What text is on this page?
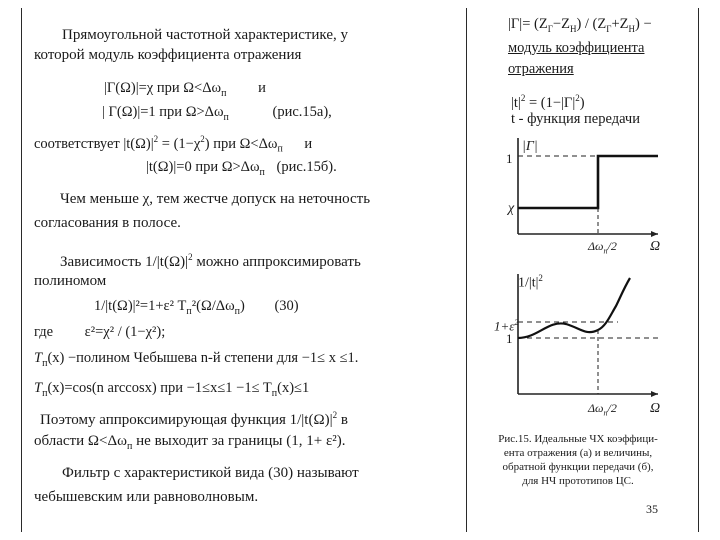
Прямоугольной частотной характеристике, у
которой модуль коэффициента отражения
|Г(Ω)|=χ при $\Omega<\Delta\omega_п$ и
| Г(Ω)|=1 при $\Omega>\Delta\omega_п$	(рис.15а),
соответствует $|t(\Omega)|^2 = (1-\chi^2)$ при $\Omega<\Delta\omega_п$ и
|t(Ω)|=0 при $\Omega>\Delta\omega_п$ (рис.15б).
Чем меньше χ, тем жестче допуск на неточность
согласования в полосе.
Зависимость $1/|t(\Omega)|^2$ можно аппроксимировать
полиномом
1/|t(Ω)|²=1+ε² $T_п^2(\Omega/\Delta\omega_п)$ (30)
где ε²=χ² / (1−χ²);
$T_п(x)$ −полином Чебышева n-й степени для −1≤ x ≤1.
$T_п(x)=\cos(n$ arccosx) при $-1\le x\le 1 -1\le T_п(x)\le 1$
Поэтому аппроксимирующая функция $1/|t(\Omega)|^2$ в
области $\Omega<\Delta\omega_п$ не выходит за границы (1, 1+ ε²).
Фильтр с характеристикой вида (30) называют
чебышевским или равноволновым.
$|Г|= (Z_Г-Z_Н) / (Z_Г+Z_Н)$ −
модуль коэффициента
отражения
$|t|^2 = (1-|Г|^2)$
t - функция передачи
1
|Г|
χ
$\Delta\omega_п/2$ Ω
$1/|t|^2$
$1+\varepsilon^2$
1
$\Delta\omega_п/2$ Ω
Рис.15. Идеальные ЧХ коэффици-
ента отражения (а) и величины,
обратной функции передачи (б),
для НЧ прототипов ЦС.
35
